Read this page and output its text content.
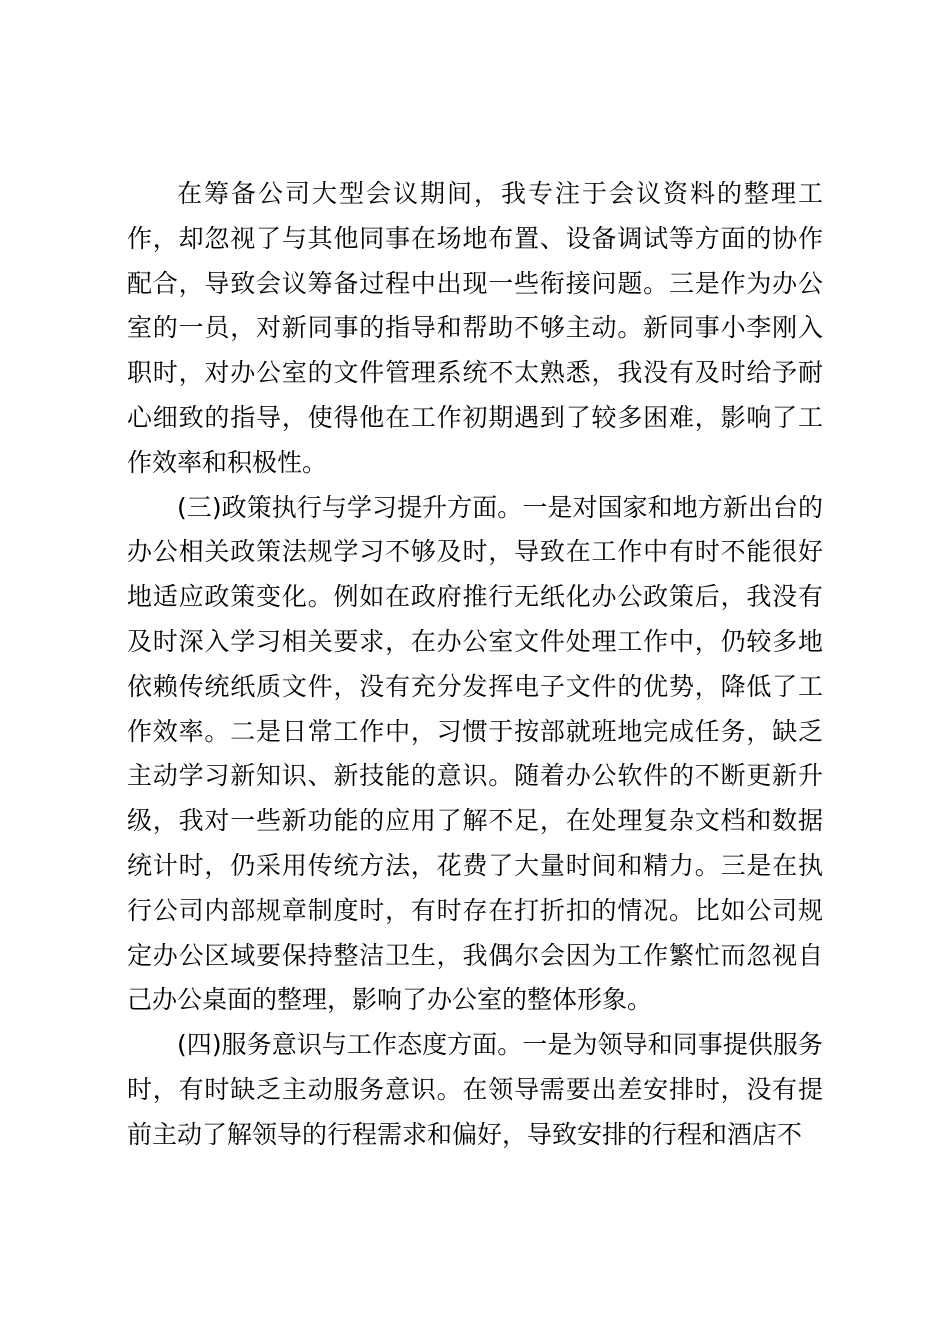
在筹备公司大型会议期间，我专注于会议资料的整理工作，却忽视了与其他同事在场地布置、设备调试等方面的协作配合，导致会议筹备过程中出现一些衔接问题。三是作为办公室的一员，对新同事的指导和帮助不够主动。新同事小李刚入职时，对办公室的文件管理系统不太熟悉，我没有及时给予耐心细致的指导，使得他在工作初期遇到了较多困难，影响了工作效率和积极性。

(三)政策执行与学习提升方面。一是对国家和地方新出台的办公相关政策法规学习不够及时，导致在工作中有时不能很好地适应政策变化。例如在政府推行无纸化办公政策后，我没有及时深入学习相关要求，在办公室文件处理工作中，仍较多地依赖传统纸质文件，没有充分发挥电子文件的优势，降低了工作效率。二是日常工作中，习惯于按部就班地完成任务，缺乏主动学习新知识、新技能的意识。随着办公软件的不断更新升级，我对一些新功能的应用了解不足，在处理复杂文档和数据统计时，仍采用传统方法，花费了大量时间和精力。三是在执行公司内部规章制度时，有时存在打折扣的情况。比如公司规定办公区域要保持整洁卫生，我偶尔会因为工作繁忙而忽视自己办公桌面的整理，影响了办公室的整体形象。

(四)服务意识与工作态度方面。一是为领导和同事提供服务时，有时缺乏主动服务意识。在领导需要出差安排时，没有提前主动了解领导的行程需求和偏好，导致安排的行程和酒店不
